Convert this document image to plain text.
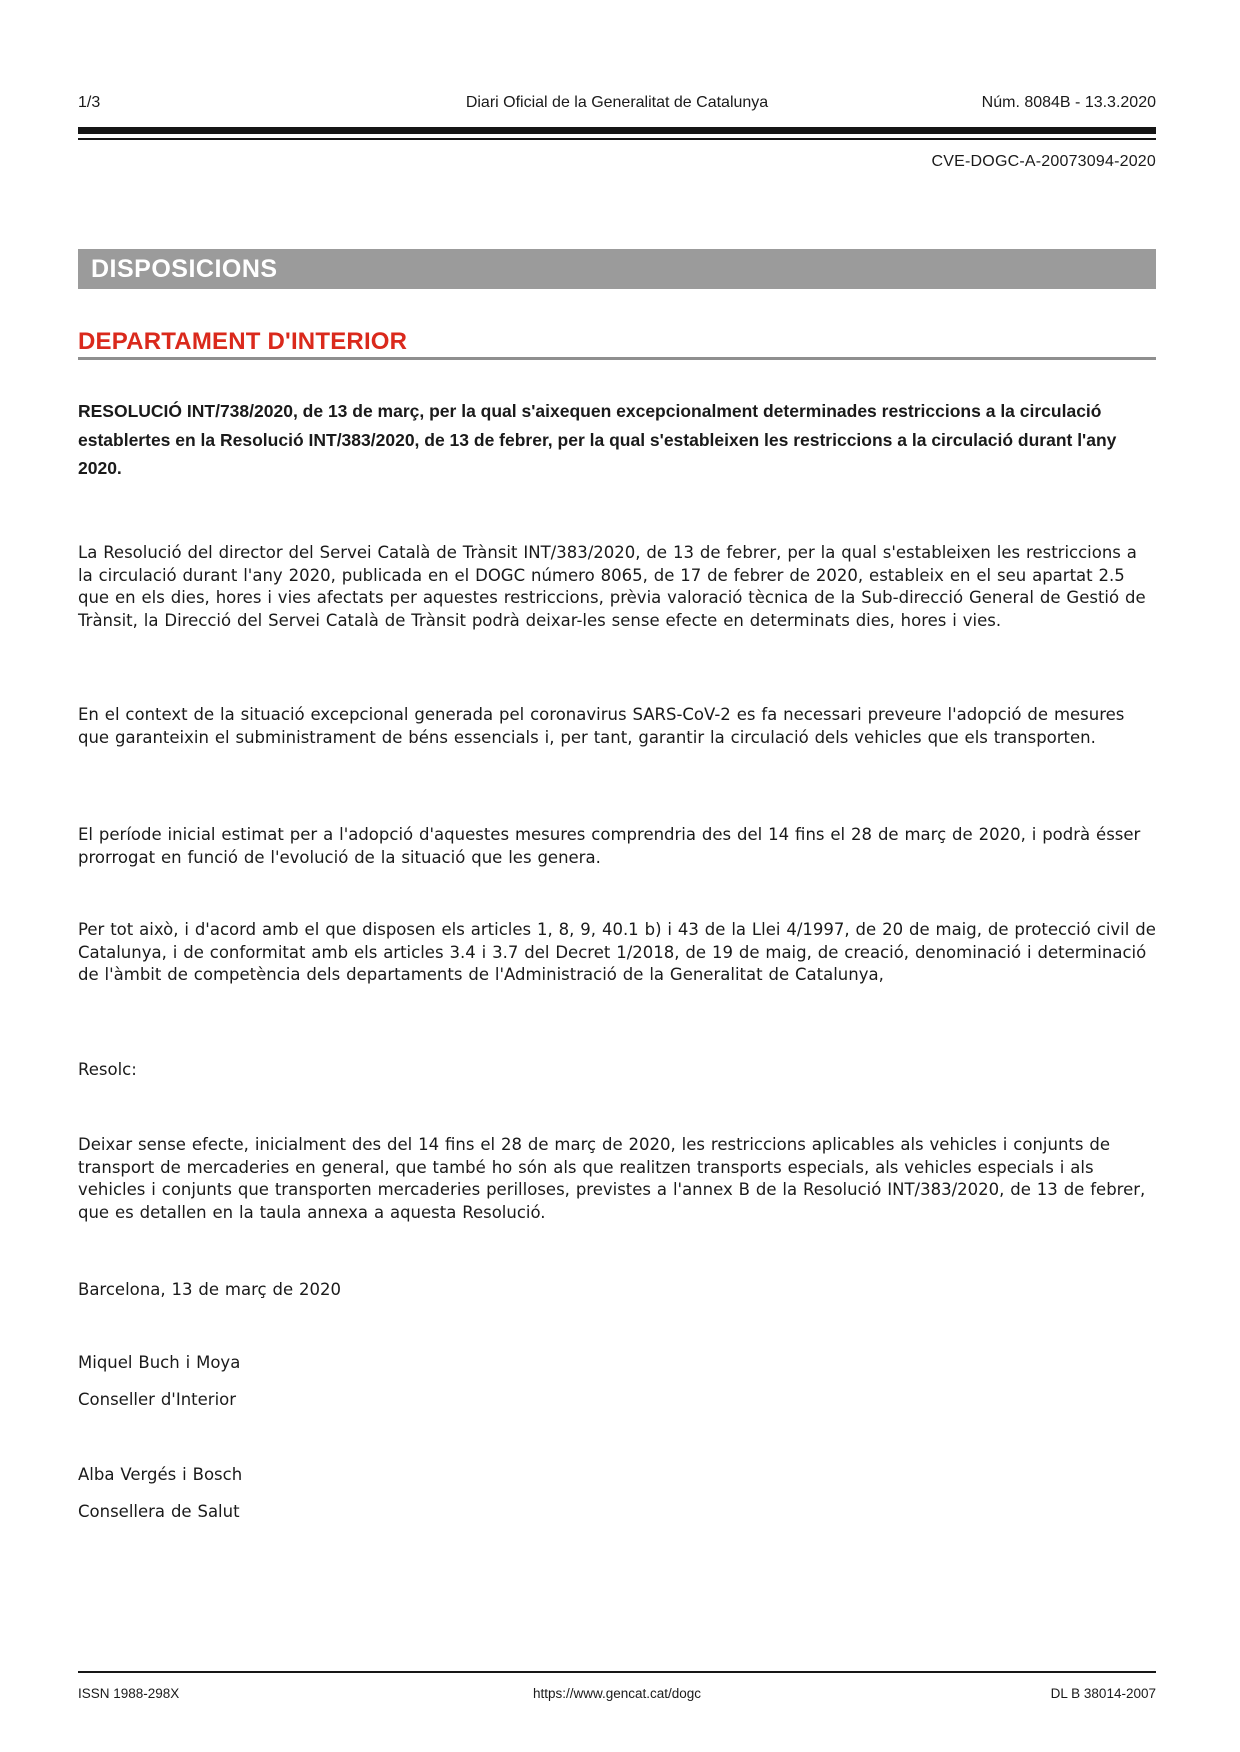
1/3	Diari Oficial de la Generalitat de Catalunya	Núm. 8084B - 13.3.2020
CVE-DOGC-A-20073094-2020
DISPOSICIONS
DEPARTAMENT D'INTERIOR

RESOLUCIÓ INT/738/2020, de 13 de març, per la qual s'aixequen excepcionalment determinades restriccions a la circulació establertes en la Resolució INT/383/2020, de 13 de febrer, per la qual s'estableixen les restriccions a la circulació durant l'any 2020.

La Resolució del director del Servei Català de Trànsit INT/383/2020, de 13 de febrer, per la qual s'estableixen les restriccions a la circulació durant l'any 2020, publicada en el DOGC número 8065, de 17 de febrer de 2020, estableix en el seu apartat 2.5 que en els dies, hores i vies afectats per aquestes restriccions, prèvia valoració tècnica de la Sub-direcció General de Gestió de Trànsit, la Direcció del Servei Català de Trànsit podrà deixar-les sense efecte en determinats dies, hores i vies.

En el context de la situació excepcional generada pel coronavirus SARS-CoV-2 es fa necessari preveure l'adopció de mesures que garanteixin el subministrament de béns essencials i, per tant, garantir la circulació dels vehicles que els transporten.

El període inicial estimat per a l'adopció d'aquestes mesures comprendria des del 14 fins el 28 de març de 2020, i podrà ésser prorrogat en funció de l'evolució de la situació que les genera.

Per tot això, i d'acord amb el que disposen els articles 1, 8, 9, 40.1 b) i 43 de la Llei 4/1997, de 20 de maig, de protecció civil de Catalunya, i de conformitat amb els articles 3.4 i 3.7 del Decret 1/2018, de 19 de maig, de creació, denominació i determinació de l'àmbit de competència dels departaments de l'Administració de la Generalitat de Catalunya,

Resolc:

Deixar sense efecte, inicialment des del 14 fins el 28 de març de 2020, les restriccions aplicables als vehicles i conjunts de transport de mercaderies en general, que també ho són als que realitzen transports especials, als vehicles especials i als vehicles i conjunts que transporten mercaderies perilloses, previstes a l'annex B de la Resolució INT/383/2020, de 13 de febrer, que es detallen en la taula annexa a aquesta Resolució.

Barcelona, 13 de març de 2020

Miquel Buch i Moya

Conseller d'Interior

Alba Vergés i Bosch

Consellera de Salut

ISSN 1988-298X	https://www.gencat.cat/dogc	DL B 38014-2007
